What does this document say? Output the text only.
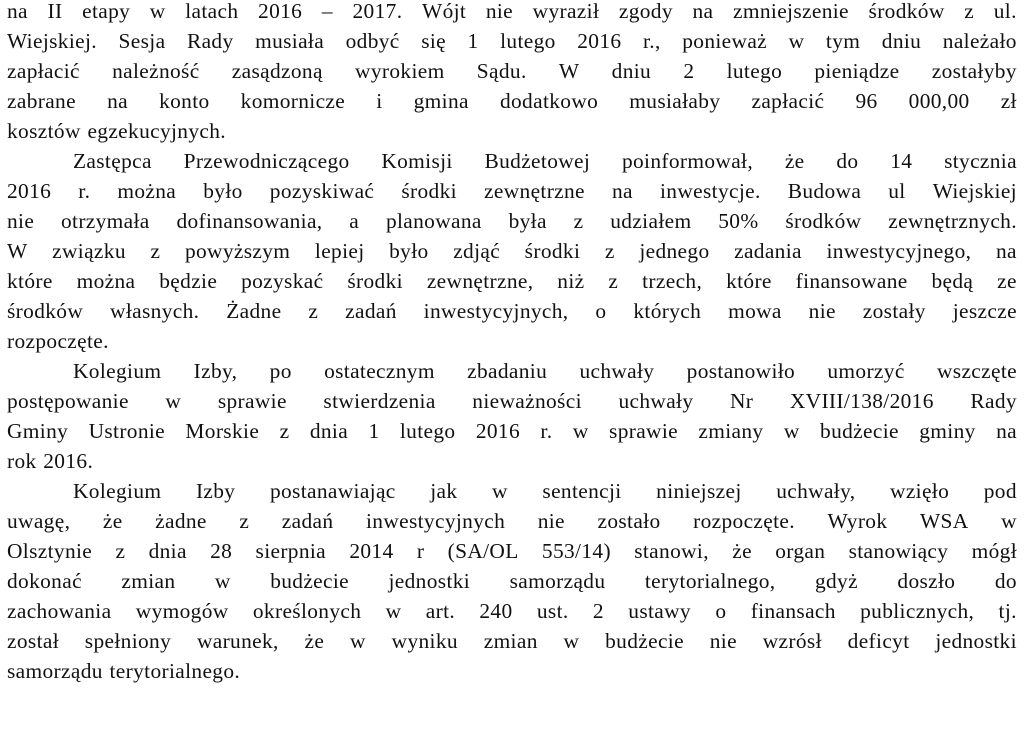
na II etapy w latach 2016 – 2017. Wójt nie wyraził zgody na zmniejszenie środków z ul.
Wiejskiej. Sesja Rady musiała odbyć się 1 lutego 2016 r., ponieważ w tym dniu należało
zapłacić należność zasądzoną wyrokiem Sądu. W dniu 2 lutego pieniądze zostałyby
zabrane na konto komornicze i gmina dodatkowo musiałaby zapłacić 96 000,00 zł
kosztów egzekucyjnych.
Zastępca Przewodniczącego Komisji Budżetowej poinformował, że do 14 stycznia
2016 r. można było pozyskiwać środki zewnętrzne na inwestycje. Budowa ul Wiejskiej
nie otrzymała dofinansowania, a planowana była z udziałem 50% środków zewnętrznych.
W związku z powyższym lepiej było zdjąć środki z jednego zadania inwestycyjnego, na
które można będzie pozyskać środki zewnętrzne, niż z trzech, które finansowane będą ze
środków własnych. Żadne z zadań inwestycyjnych, o których mowa nie zostały jeszcze
rozpoczęte.
Kolegium Izby, po ostatecznym zbadaniu uchwały postanowiło umorzyć wszczęte
postępowanie w sprawie stwierdzenia nieważności uchwały Nr XVIII/138/2016 Rady
Gminy Ustronie Morskie z dnia 1 lutego 2016 r. w sprawie zmiany w budżecie gminy na
rok 2016.
Kolegium Izby postanawiając jak w sentencji niniejszej uchwały, wzięło pod
uwagę, że żadne z zadań inwestycyjnych nie zostało rozpoczęte. Wyrok WSA w
Olsztynie z dnia 28 sierpnia 2014 r (SA/OL 553/14) stanowi, że organ stanowiący mógł
dokonać zmian w budżecie jednostki samorządu terytorialnego, gdyż doszło do
zachowania wymogów określonych w art. 240 ust. 2 ustawy o finansach publicznych, tj.
został spełniony warunek, że w wyniku zmian w budżecie nie wzrósł deficyt jednostki
samorządu terytorialnego.
